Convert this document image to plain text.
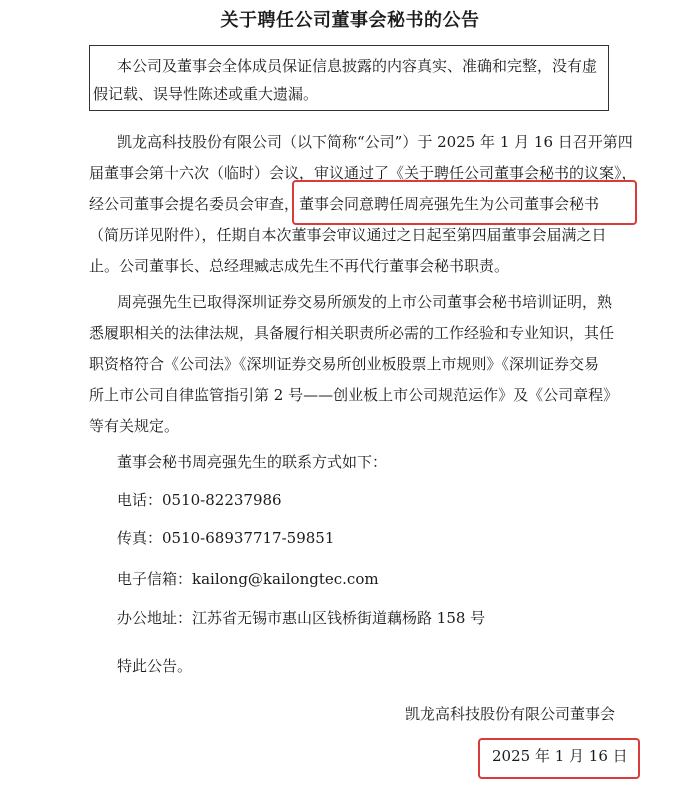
关于聘任公司董事会秘书的公告
本公司及董事会全体成员保证信息披露的内容真实、准确和完整，没有虚
假记载、误导性陈述或重大遗漏。
凯龙高科技股份有限公司（以下简称“公司”）于 2025 年 1 月 16 日召开第四
届董事会第十六次（临时）会议，审议通过了《关于聘任公司董事会秘书的议案》，
经公司董事会提名委员会审查，董事会同意聘任周亮强先生为公司董事会秘书
（简历详见附件），任期自本次董事会审议通过之日起至第四届董事会届满之日
止。公司董事长、总经理臧志成先生不再代行董事会秘书职责。
周亮强先生已取得深圳证券交易所颁发的上市公司董事会秘书培训证明，熟
悉履职相关的法律法规，具备履行相关职责所必需的工作经验和专业知识，其任
职资格符合《公司法》《深圳证券交易所创业板股票上市规则》《深圳证券交易
所上市公司自律监管指引第 2 号——创业板上市公司规范运作》及《公司章程》
等有关规定。
董事会秘书周亮强先生的联系方式如下：
电话：0510-82237986
传真：0510-68937717-59851
电子信箱：kailong@kailongtec.com
办公地址：江苏省无锡市惠山区钱桥街道藕杨路 158 号
特此公告。
凯龙高科技股份有限公司董事会
2025 年 1 月 16 日
